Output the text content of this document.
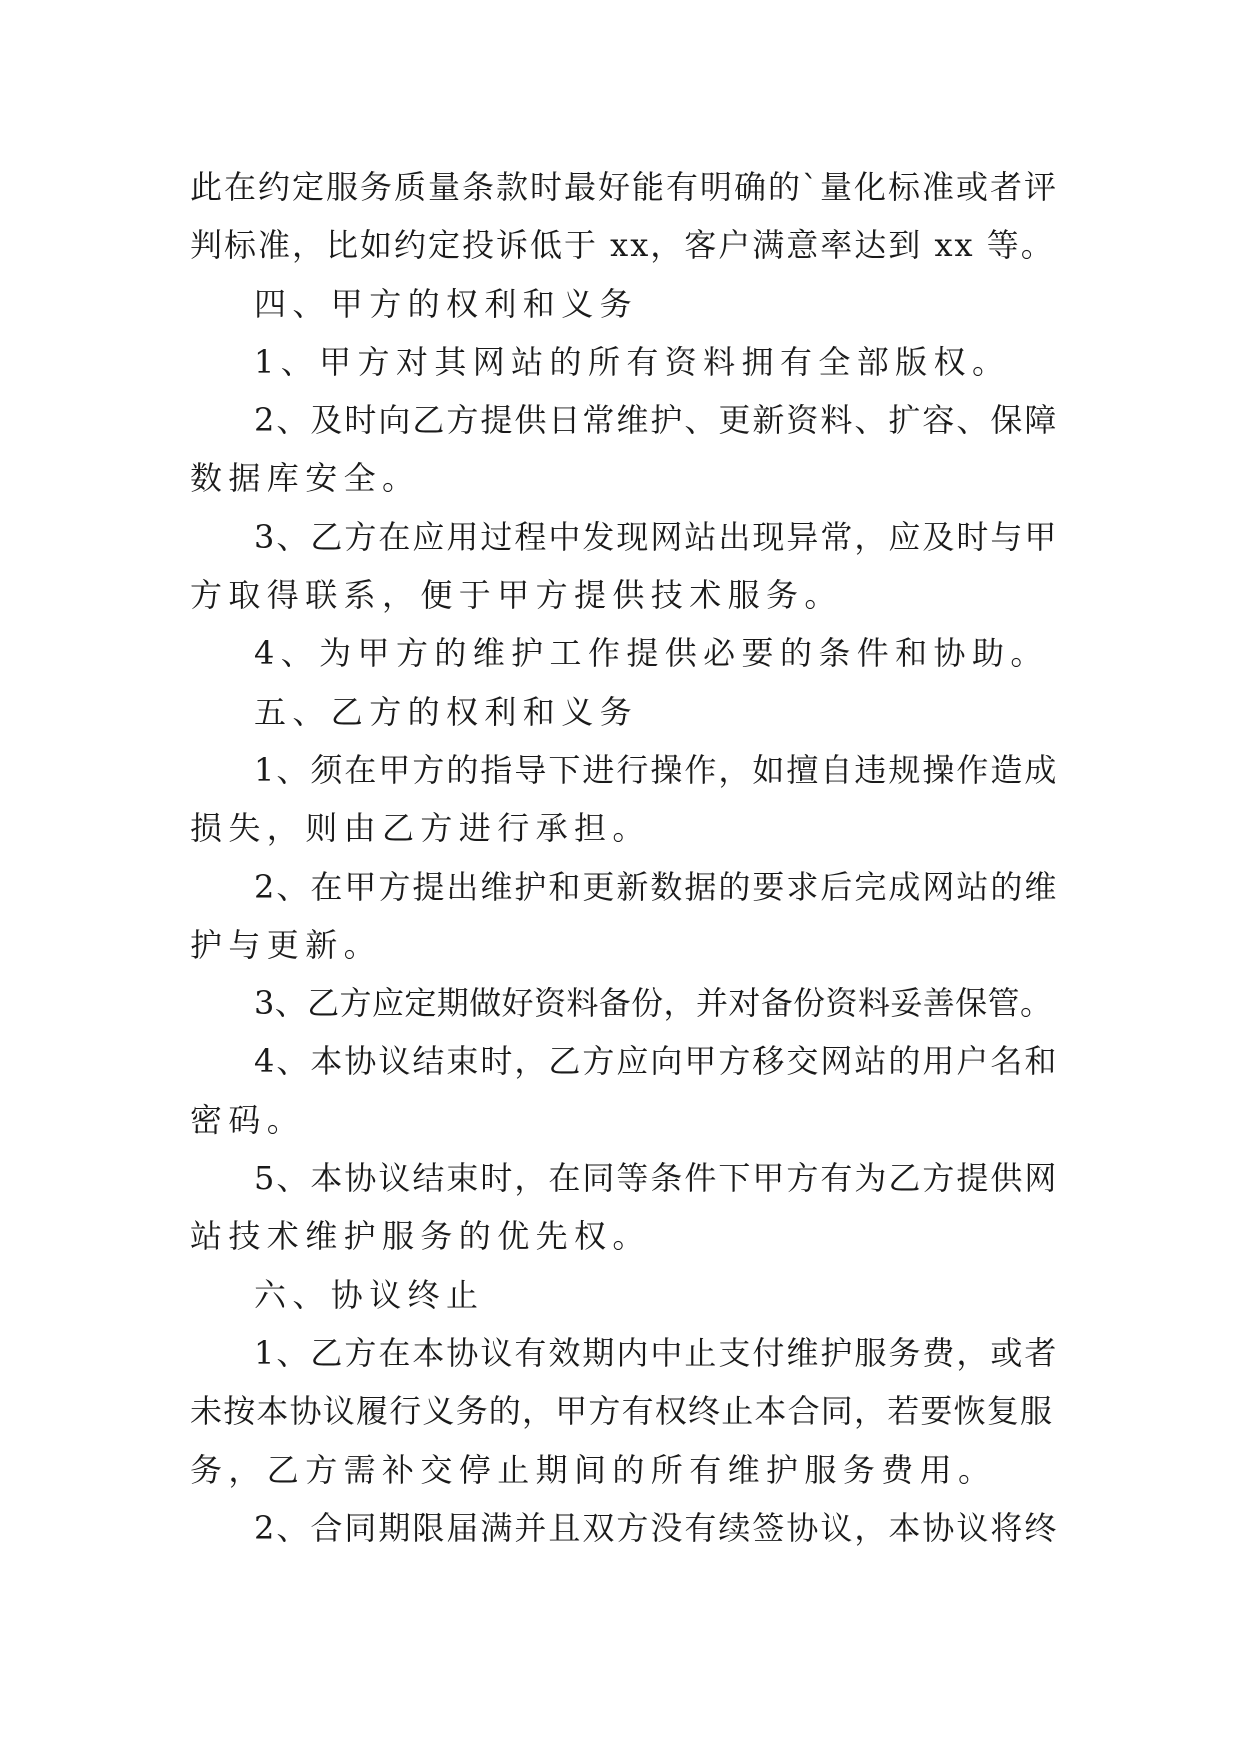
此在约定服务质量条款时最好能有明确的`量化标准或者评
判标准，比如约定投诉低于 xx，客户满意率达到 xx 等。
四、甲方的权利和义务
1、甲方对其网站的所有资料拥有全部版权。
2、及时向乙方提供日常维护、更新资料、扩容、保障
数据库安全。
3、乙方在应用过程中发现网站出现异常，应及时与甲
方取得联系，便于甲方提供技术服务。
4、为甲方的维护工作提供必要的条件和协助。
五、乙方的权利和义务
1、须在甲方的指导下进行操作，如擅自违规操作造成
损失，则由乙方进行承担。
2、在甲方提出维护和更新数据的要求后完成网站的维
护与更新。
3、乙方应定期做好资料备份，并对备份资料妥善保管。
4、本协议结束时，乙方应向甲方移交网站的用户名和
密码。
5、本协议结束时，在同等条件下甲方有为乙方提供网
站技术维护服务的优先权。
六、协议终止
1、乙方在本协议有效期内中止支付维护服务费，或者
未按本协议履行义务的，甲方有权终止本合同，若要恢复服
务，乙方需补交停止期间的所有维护服务费用。
2、合同期限届满并且双方没有续签协议，本协议将终
